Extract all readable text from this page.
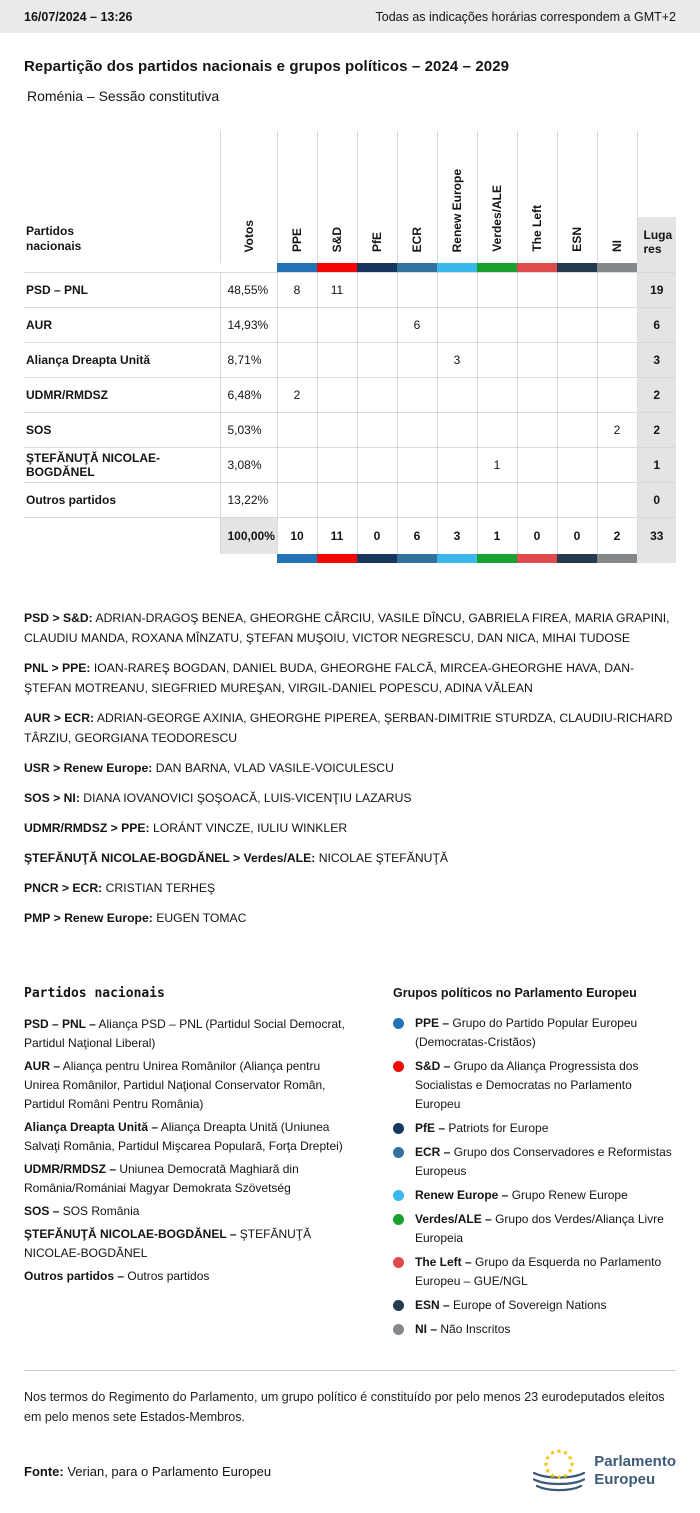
16/07/2024 – 13:26	Todas as indicações horárias correspondem a GMT+2
Repartição dos partidos nacionais e grupos políticos – 2024 – 2029
Roménia – Sessão constitutiva
Partidos nacionais	Votos	PPE	S&D	PfE	ECR	Renew Europe	Verdes/ALE	The Left	ESN	NI	Lugares

PSD – PNL	48,55%	8	11								19
AUR	14,93%				6						6
Aliança Dreapta Unită	8,71%					3					3
UDMR/RMDSZ	6,48%	2									2
SOS	5,03%									2	2
ŞTEFĂNUŢĂ NICOLAE-BOGDĂNEL	3,08%						1				1
Outros partidos	13,22%										0
	100,00%	10	11	0	6	3	1	0	0	2	33

PSD > S&D: ADRIAN-DRAGOŞ BENEA, GHEORGHE CÂRCIU, VASILE DÎNCU, GABRIELA FIREA, MARIA GRAPINI, CLAUDIU MANDA, ROXANA MÎNZATU, ŞTEFAN MUŞOIU, VICTOR NEGRESCU, DAN NICA, MIHAI TUDOSE

PNL > PPE: IOAN-RAREŞ BOGDAN, DANIEL BUDA, GHEORGHE FALCĂ, MIRCEA-GHEORGHE HAVA, DAN-ŞTEFAN MOTREANU, SIEGFRIED MUREŞAN, VIRGIL-DANIEL POPESCU, ADINA VĂLEAN

AUR > ECR: ADRIAN-GEORGE AXINIA, GHEORGHE PIPEREA, ŞERBAN-DIMITRIE STURDZA, CLAUDIU-RICHARD TÂRZIU, GEORGIANA TEODORESCU

USR > Renew Europe: DAN BARNA, VLAD VASILE-VOICULESCU

SOS > NI: DIANA IOVANOVICI ŞOŞOACĂ, LUIS-VICENŢIU LAZARUS

UDMR/RMDSZ > PPE: LORÁNT VINCZE, IULIU WINKLER

ŞTEFĂNUŢĂ NICOLAE-BOGDĂNEL > Verdes/ALE: NICOLAE ŞTEFĂNUŢĂ

PNCR > ECR: CRISTIAN TERHEŞ

PMP > Renew Europe: EUGEN TOMAC

Partidos nacionais

PSD – PNL – Aliança PSD – PNL (Partidul Social Democrat, Partidul Naţional Liberal)

AUR – Aliança pentru Unirea Românilor (Aliança pentru Unirea Românilor, Partidul Naţional Conservator Român, Partidul Români Pentru România)

Aliança Dreapta Unită – Aliança Dreapta Unită (Uniunea Salvaţi România, Partidul Mişcarea Populară, Forţa Dreptei)

UDMR/RMDSZ – Uniunea Democrată Maghiară din România/Romániai Magyar Demokrata Szövetség

SOS – SOS România

ŞTEFĂNUŢĂ NICOLAE-BOGDĂNEL – ŞTEFĂNUŢĂ NICOLAE-BOGDĂNEL

Outros partidos – Outros partidos

Grupos políticos no Parlamento Europeu

PPE – Grupo do Partido Popular Europeu (Democratas-Cristãos)

S&D – Grupo da Aliança Progressista dos Socialistas e Democratas no Parlamento Europeu

PfE – Patriots for Europe

ECR – Grupo dos Conservadores e Reformistas Europeus

Renew Europe – Grupo Renew Europe

Verdes/ALE – Grupo dos Verdes/Aliança Livre Europeia

The Left – Grupo da Esquerda no Parlamento Europeu – GUE/NGL

ESN – Europe of Sovereign Nations

NI – Não Inscritos

Nos termos do Regimento do Parlamento, um grupo político é constituído por pelo menos 23 eurodeputados eleitos em pelo menos sete Estados-Membros.

Fonte: Verian, para o Parlamento Europeu

★ ★
★
★
★
★
★
★
★
★
★
★	Parlamento
Europeu
